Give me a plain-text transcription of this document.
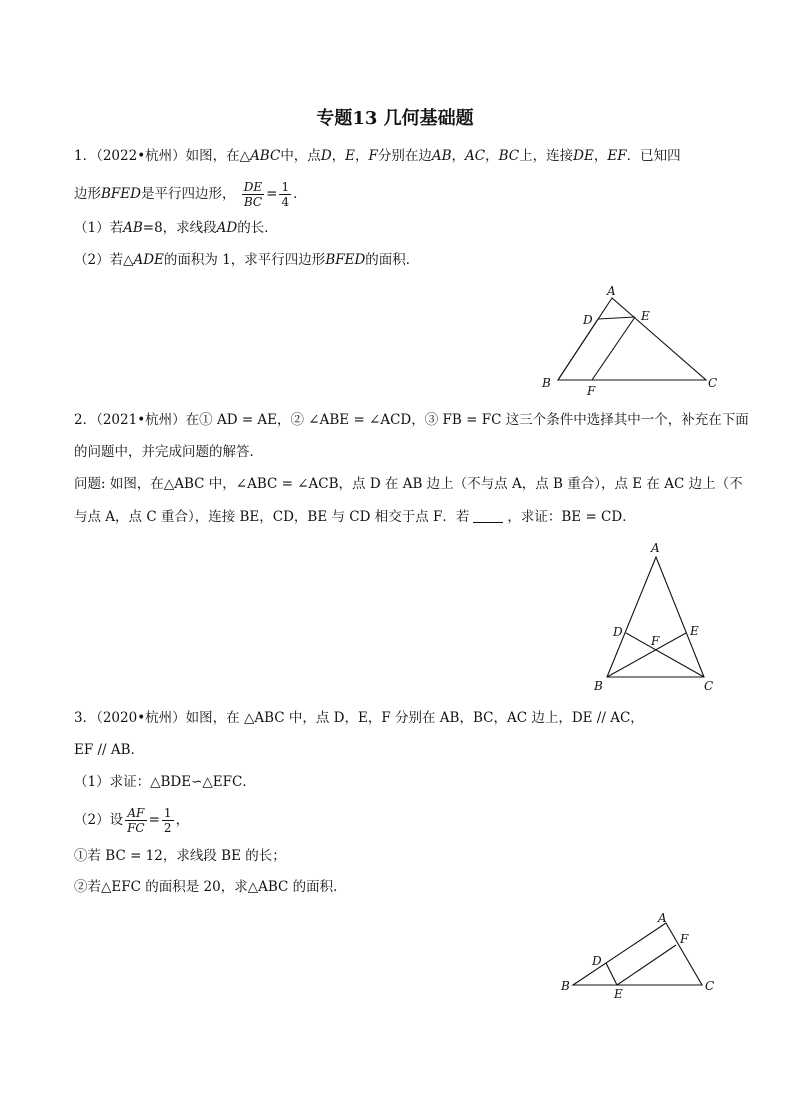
专题13 几何基础题
1．（2022•杭州）如图，在△ABC中，点D，E，F分别在边AB，AC，BC上，连接DE，EF．已知四
边形BFED是平行四边形， $\frac{DE}{BC} = \frac{1}{4}$ ．
（1）若AB=8，求线段AD的长．
（2）若△ADE的面积为 1，求平行四边形BFED的面积．
A
B	C
D	E
F
2．（2021•杭州）在① AD = AE，② ∠ABE = ∠ACD，③ FB = FC 这三个条件中选择其中一个，补充在下面
的问题中，并完成问题的解答．
问题: 如图，在△ABC 中，∠ABC = ∠ACB，点 D 在 AB 边上（不与点 A，点 B 重合），点 E 在 AC 边上（不
与点 A，点 C 重合），连接 BE，CD，BE 与 CD 相交于点 F．若	，求证：BE = CD．
A
B	C
D	E
F
3．（2020•杭州）如图，在 △ABC 中，点 D，E，F 分别在 AB，BC，AC 边上，DE // AC，
EF // AB．
（1）求证：△BDE∽△EFC．
（2）设 $\frac{AF}{FC} = \frac{1}{2}$ ，
①若 BC = 12，求线段 BE 的长；
②若△EFC 的面积是 20，求△ABC 的面积．
A
B	C
D
E
F
